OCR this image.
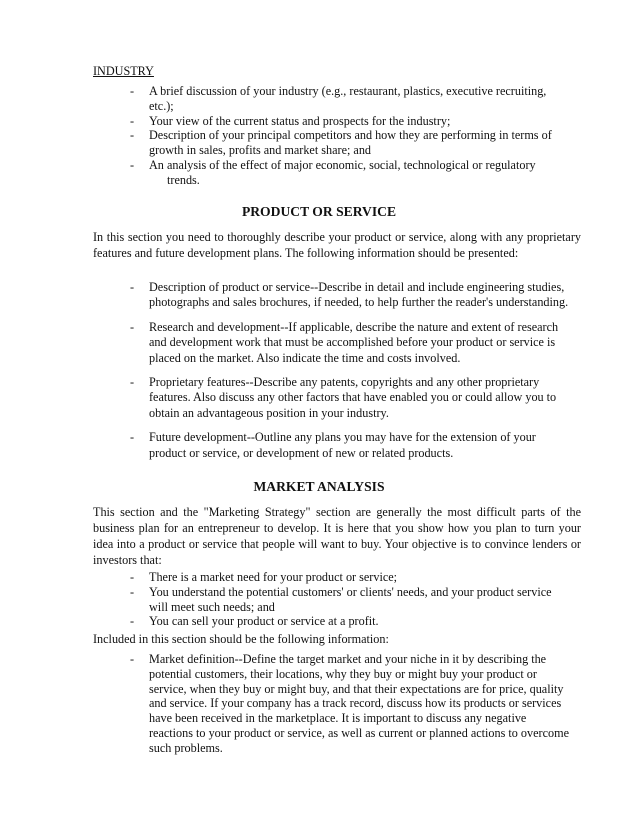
INDUSTRY
- A brief discussion of your industry (e.g., restaurant, plastics, executive recruiting,
etc.);
- Your view of the current status and prospects for the industry;
- Description of your principal competitors and how they are performing in terms of
growth in sales, profits and market share; and
- An analysis of the effect of major economic, social, technological or regulatory
trends.
PRODUCT OR SERVICE

In this section you need to thoroughly describe your product or service, along with any proprietary features and future development plans. The following information should be presented:

- Description of product or service--Describe in detail and include engineering studies,
photographs and sales brochures, if needed, to help further the reader's understanding.
- Research and development--If applicable, describe the nature and extent of research
and development work that must be accomplished before your product or service is
placed on the market. Also indicate the time and costs involved.
- Proprietary features--Describe any patents, copyrights and any other proprietary
features. Also discuss any other factors that have enabled you or could allow you to
obtain an advantageous position in your industry.
- Future development--Outline any plans you may have for the extension of your
product or service, or development of new or related products.
MARKET ANALYSIS

This section and the "Marketing Strategy" section are generally the most difficult parts of the business plan for an entrepreneur to develop. It is here that you show how you plan to turn your idea into a product or service that people will want to buy. Your objective is to convince lenders or investors that:

- There is a market need for your product or service;
- You understand the potential customers' or clients' needs, and your product service
will meet such needs; and
- You can sell your product or service at a profit.

Included in this section should be the following information:

- Market definition--Define the target market and your niche in it by describing the
potential customers, their locations, why they buy or might buy your product or
service, when they buy or might buy, and that their expectations are for price, quality
and service. If your company has a track record, discuss how its products or services
have been received in the marketplace. It is important to discuss any negative
reactions to your product or service, as well as current or planned actions to overcome
such problems.
